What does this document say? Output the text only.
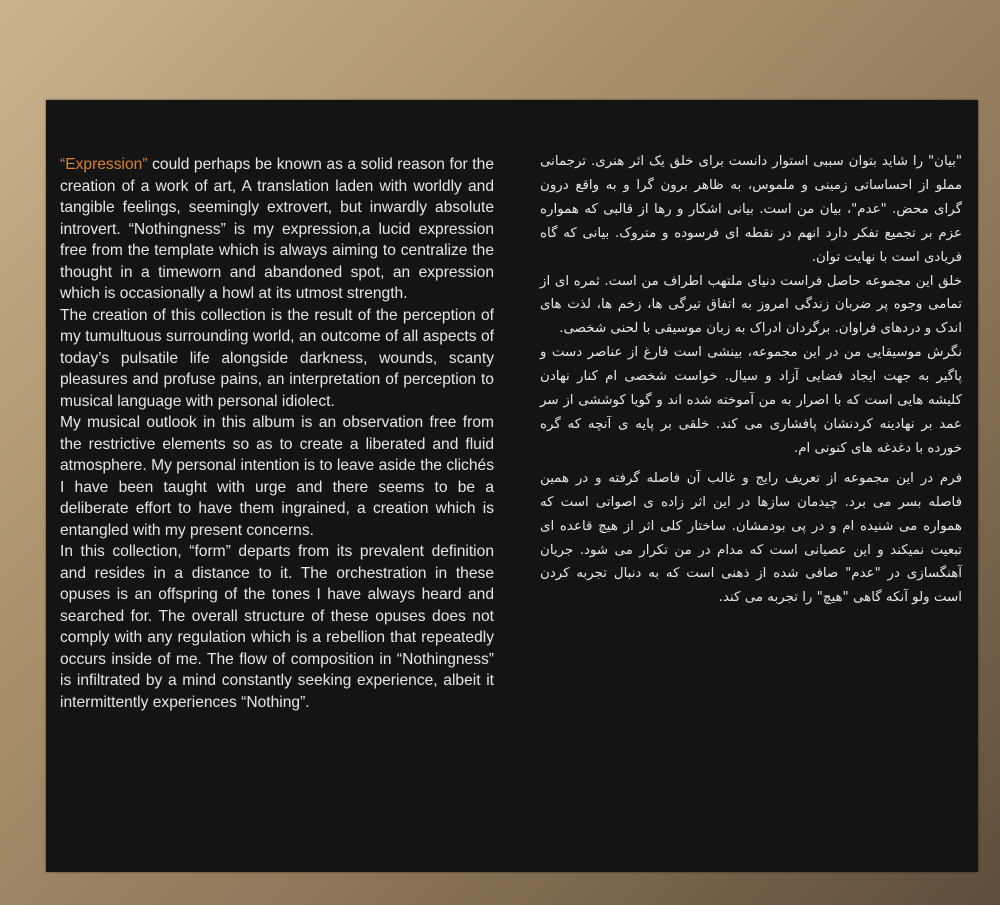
“Expression” could perhaps be known as a solid reason for the creation of a work of art, A translation laden with worldly and tangible feelings, seemingly extrovert, but inwardly absolute introvert. “Nothingness” is my expression,a lucid expression free from the template which is always aiming to centralize the thought in a timeworn and abandoned spot, an expression which is occasionally a howl at its utmost strength.

The creation of this collection is the result of the perception of my tumultuous surrounding world, an outcome of all aspects of today’s pulsatile life alongside darkness, wounds, scanty pleasures and profuse pains, an interpretation of perception to musical language with personal idiolect.

My musical outlook in this album is an observation free from the restrictive elements so as to create a liberated and fluid atmosphere. My personal intention is to leave aside the clichés I have been taught with urge and there seems to be a deliberate effort to have them ingrained, a creation which is entangled with my present concerns.

In this collection, “form” departs from its prevalent definition and resides in a distance to it. The orchestration in these opuses is an offspring of the tones I have always heard and searched for. The overall structure of these opuses does not comply with any regulation which is a rebellion that repeatedly occurs inside of me. The flow of composition in “Nothingness” is infiltrated by a mind constantly seeking experience, albeit it intermittently experiences “Nothing”.

"بیان" را شاید بتوان سببی استوار دانست برای خلق یک اثر هنری. ترجمانی مملو از احساساتی زمینی و ملموس، به ظاهر برون گرا و به واقع درون گرای محض. "عدم"، بیان من است. بیانی اشکار و رها از قالبی که همواره عزم بر تجمیع تفکر دارد انهم در نقطه ای فرسوده و متروک. بیانی که گاه فریادی است با نهایت توان.

خلق این مجموعه حاصل فراست دنیای ملتهب اطراف من است. ثمره ای از تمامی وجوه پر ضربان زندگی امروز به اتفاق تیرگی ها، زخم ها، لذت های اندک و دردهای فراوان. برگردان ادراک به زبان موسیقی با لحنی شخصی.

نگرش موسیقایی من در این مجموعه، بینشی است فارغ از عناصر دست و پاگیر به جهت ایجاد فضایی آزاد و سیال. خواست شخصی ام کنار نهادن کلیشه هایی است که با اصرار به من آموخته شده اند و گویا کوششی از سر عمد بر نهادینه کردنشان پافشاری می کند. خلقی بر پایه ی آنچه که گره خورده با دغدغه های کنونی ام.

فرم در این مجموعه از تعریف رایج و غالب آن فاصله گرفته و در همین فاصله بسر می برد. چیدمان سازها در این اثر زاده ی اصواتی است که همواره می شنیده ام و در پی بودمشان. ساختار کلی اثر از هیچ قاعده ای تبعیت نمیکند و این عصیانی است که مدام در من تکرار می شود. جریان آهنگسازی در "عدم" صافی شده از ذهنی است که به دنبال تجربه کردن است ولو آنکه گاهی "هیچ" را تجربه می کند.
